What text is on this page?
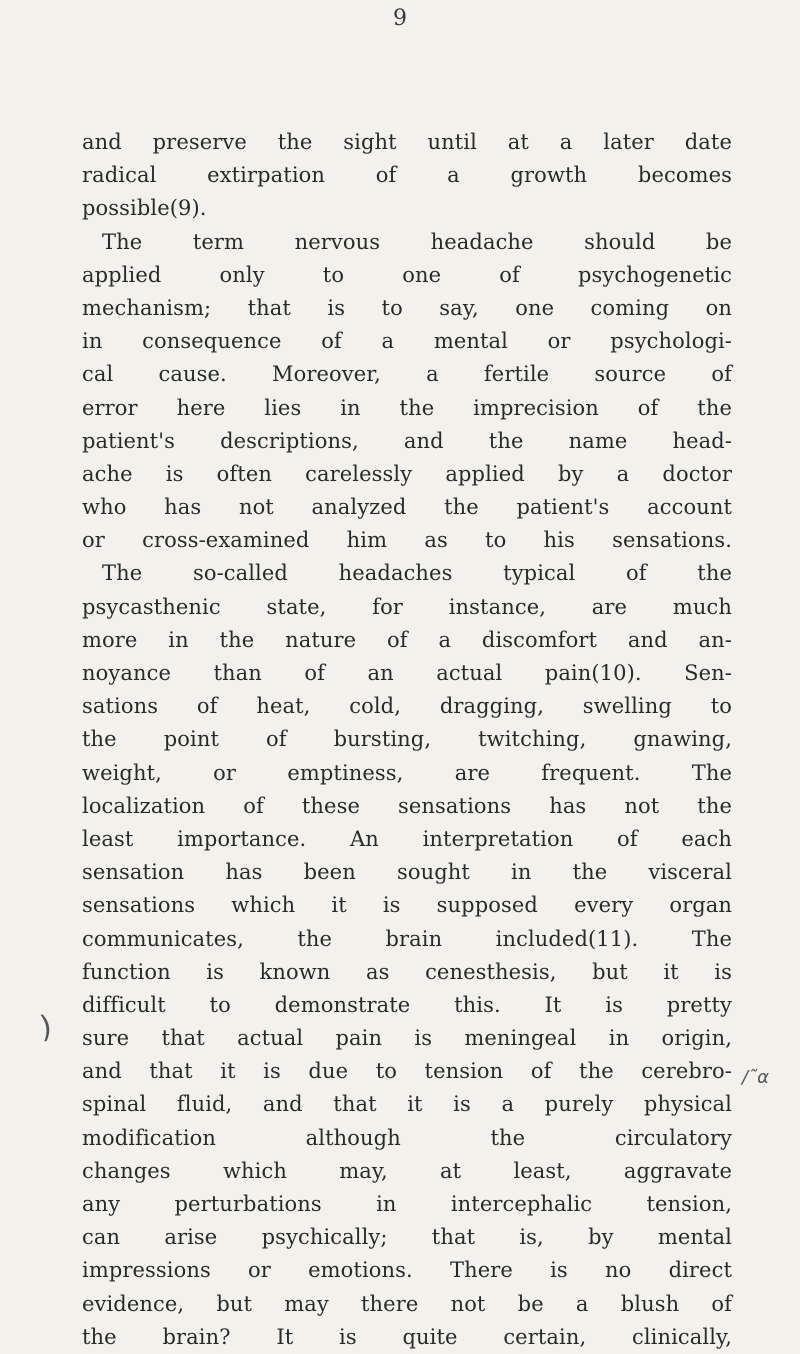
9
and preserve the sight until at a later date
radical extirpation of a growth becomes
possible(9).
The term nervous headache should be
applied only to one of psychogenetic
mechanism; that is to say, one coming on
in consequence of a mental or psychologi-
cal cause. Moreover, a fertile source of
error here lies in the imprecision of the
patient's descriptions, and the name head-
ache is often carelessly applied by a doctor
who has not analyzed the patient's account
or cross-examined him as to his sensations.
The so-called headaches typical of the
psycasthenic state, for instance, are much
more in the nature of a discomfort and an-
noyance than of an actual pain(10). Sen-
sations of heat, cold, dragging, swelling to
the point of bursting, twitching, gnawing,
weight, or emptiness, are frequent. The
localization of these sensations has not the
least importance. An interpretation of each
sensation has been sought in the visceral
sensations which it is supposed every organ
communicates, the brain included(11). The
function is known as cenesthesis, but it is
difficult to demonstrate this. It is pretty
sure that actual pain is meningeal in origin,
and that it is due to tension of the cerebro-
spinal fluid, and that it is a purely physical
modification although the circulatory
changes which may, at least, aggravate
any perturbations in intercephalic tension,
can arise psychically; that is, by mental
impressions or emotions. There is no direct
evidence, but may there not be a blush of
the brain? It is quite certain, clinically,
)
/˜α
